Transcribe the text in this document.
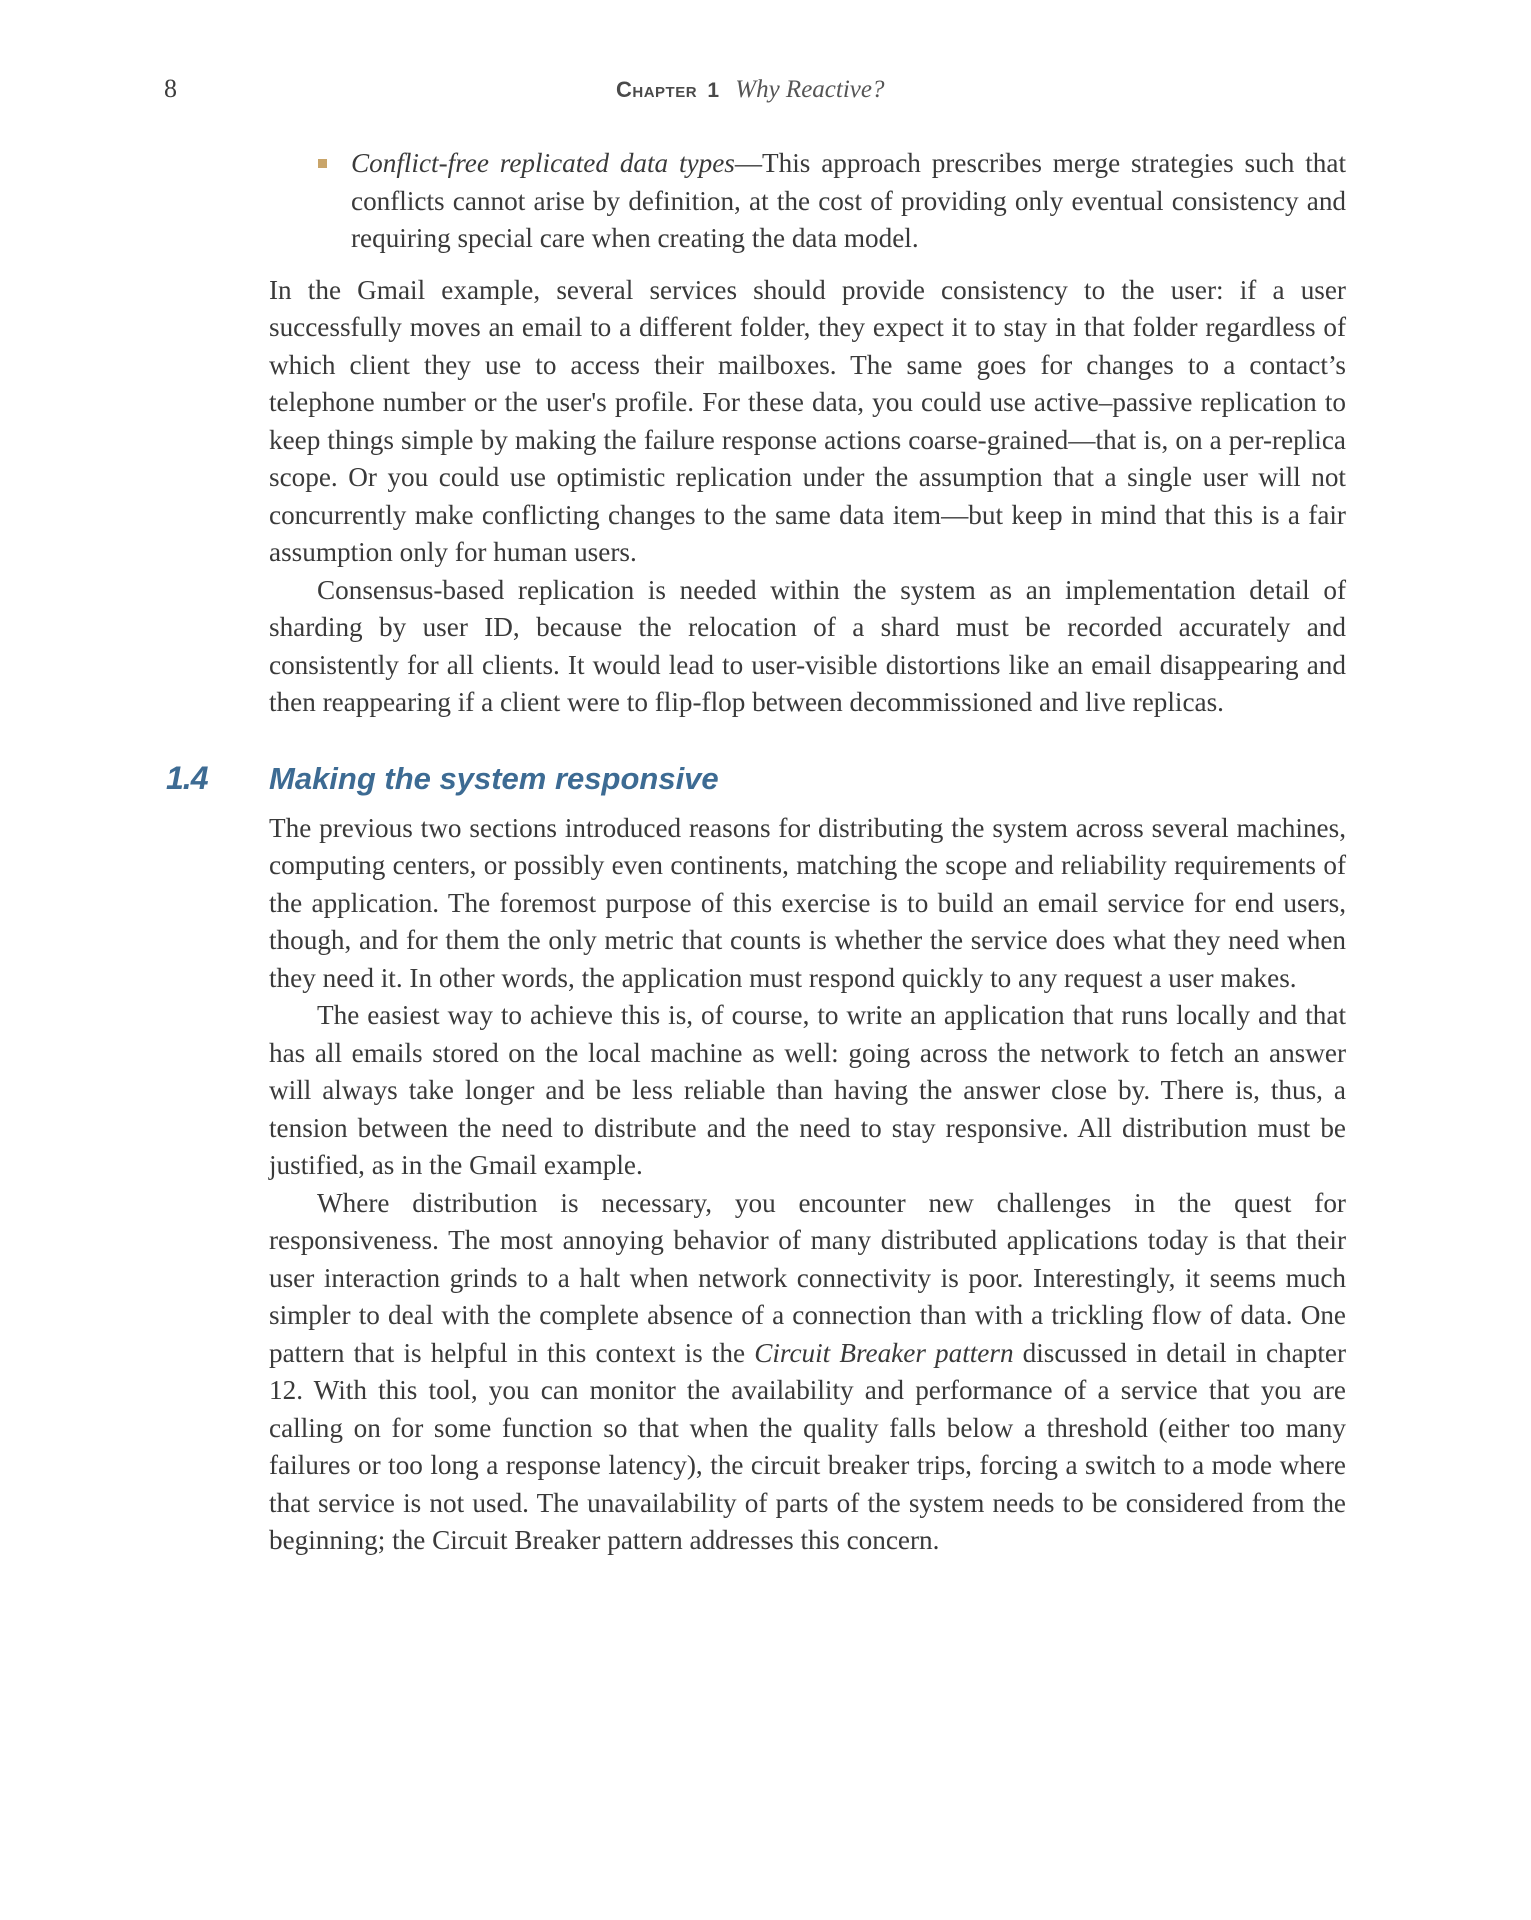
8	Chapter 1 Why Reactive?
Conflict-free replicated data types—This approach prescribes merge strategies such that conflicts cannot arise by definition, at the cost of providing only eventual consistency and requiring special care when creating the data model.

In the Gmail example, several services should provide consistency to the user: if a user successfully moves an email to a different folder, they expect it to stay in that folder regardless of which client they use to access their mailboxes. The same goes for changes to a contact’s telephone number or the user's profile. For these data, you could use active–passive replication to keep things simple by making the failure response actions coarse-grained—that is, on a per-replica scope. Or you could use optimistic replication under the assumption that a single user will not concurrently make conflicting changes to the same data item—but keep in mind that this is a fair assumption only for human users.

Consensus-based replication is needed within the system as an implementation detail of sharding by user ID, because the relocation of a shard must be recorded accurately and consistently for all clients. It would lead to user-visible distortions like an email disappearing and then reappearing if a client were to flip-flop between decommissioned and live replicas.

1.4 Making the system responsive

The previous two sections introduced reasons for distributing the system across several machines, computing centers, or possibly even continents, matching the scope and reliability requirements of the application. The foremost purpose of this exercise is to build an email service for end users, though, and for them the only metric that counts is whether the service does what they need when they need it. In other words, the application must respond quickly to any request a user makes.

The easiest way to achieve this is, of course, to write an application that runs locally and that has all emails stored on the local machine as well: going across the network to fetch an answer will always take longer and be less reliable than having the answer close by. There is, thus, a tension between the need to distribute and the need to stay responsive. All distribution must be justified, as in the Gmail example.

Where distribution is necessary, you encounter new challenges in the quest for responsiveness. The most annoying behavior of many distributed applications today is that their user interaction grinds to a halt when network connectivity is poor. Interestingly, it seems much simpler to deal with the complete absence of a connection than with a trickling flow of data. One pattern that is helpful in this context is the Circuit Breaker pattern discussed in detail in chapter 12. With this tool, you can monitor the availability and performance of a service that you are calling on for some function so that when the quality falls below a threshold (either too many failures or too long a response latency), the circuit breaker trips, forcing a switch to a mode where that service is not used. The unavailability of parts of the system needs to be considered from the beginning; the Circuit Breaker pattern addresses this concern.
